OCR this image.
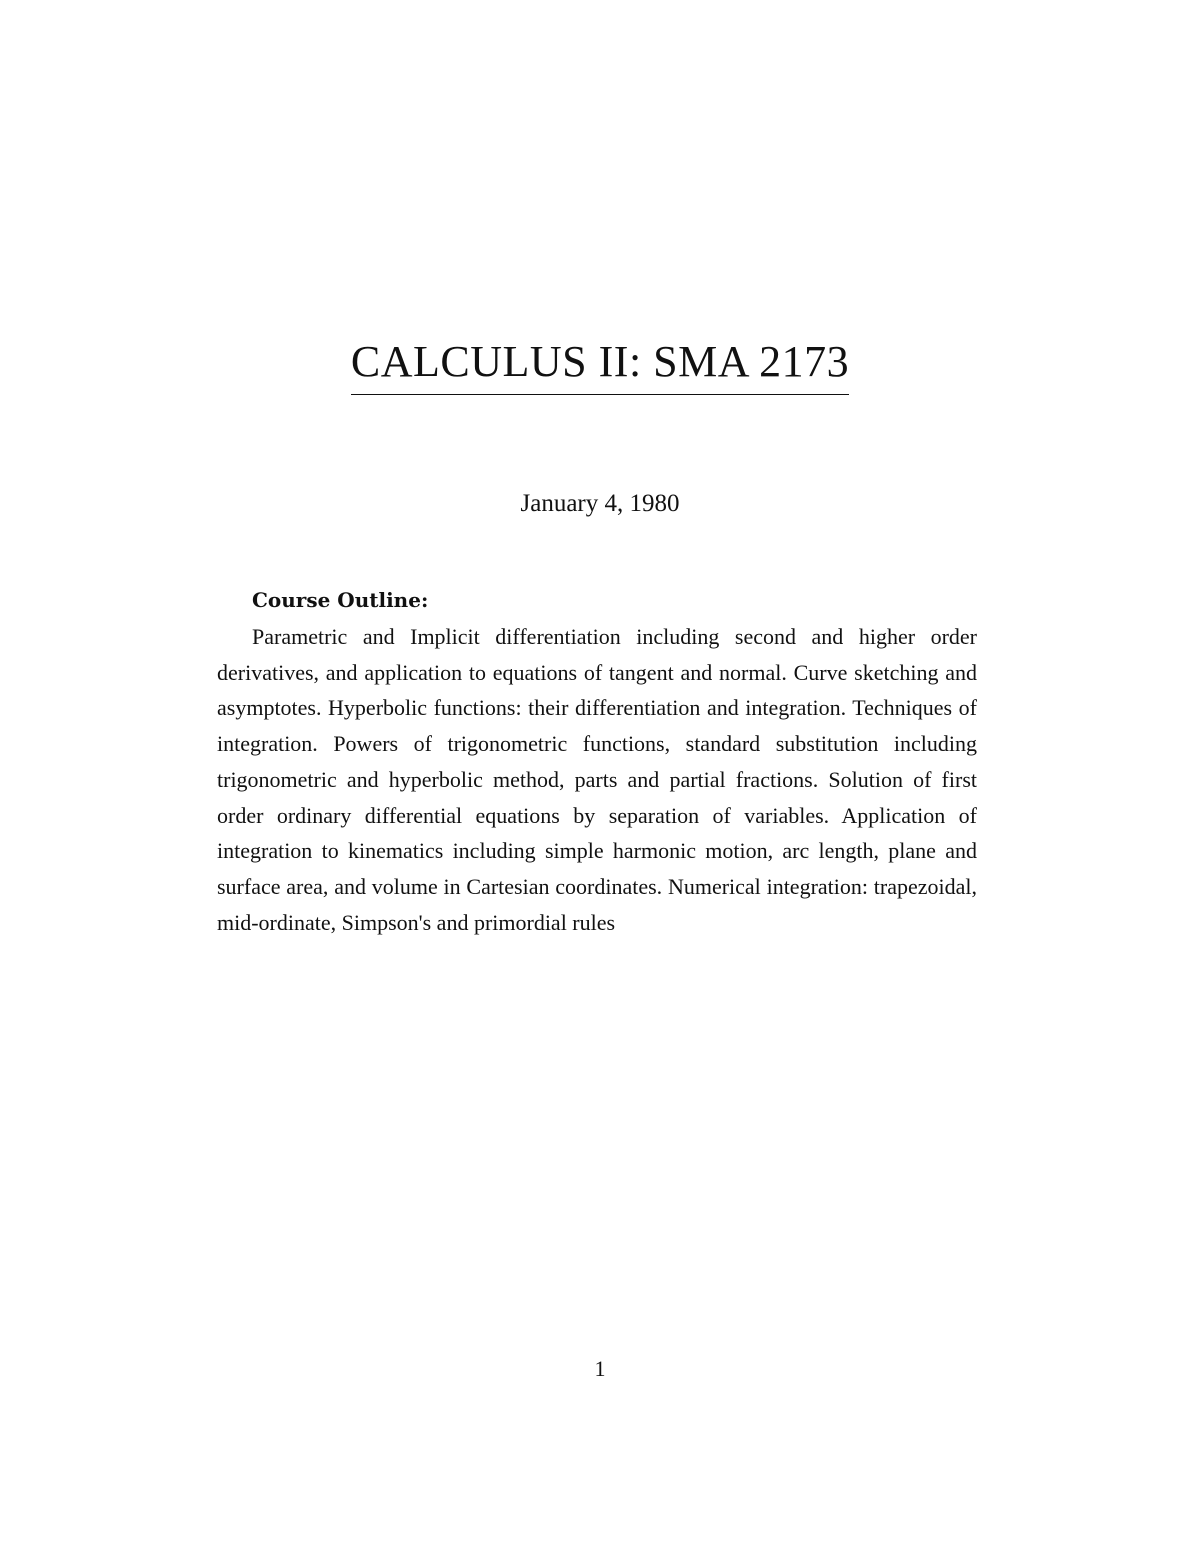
CALCULUS II: SMA 2173
January 4, 1980
Course Outline:

Parametric and Implicit differentiation including second and higher order derivatives, and application to equations of tangent and normal. Curve sketching and asymptotes. Hyperbolic functions: their differentiation and integration. Techniques of integration. Powers of trigonometric functions, standard substitution including trigonometric and hyperbolic method, parts and partial fractions. Solution of first order ordinary differential equations by separation of variables. Application of integration to kinematics including simple harmonic motion, arc length, plane and surface area, and volume in Cartesian coordinates. Numerical integration: trapezoidal, mid-ordinate, Simpson's and primordial rules

1
